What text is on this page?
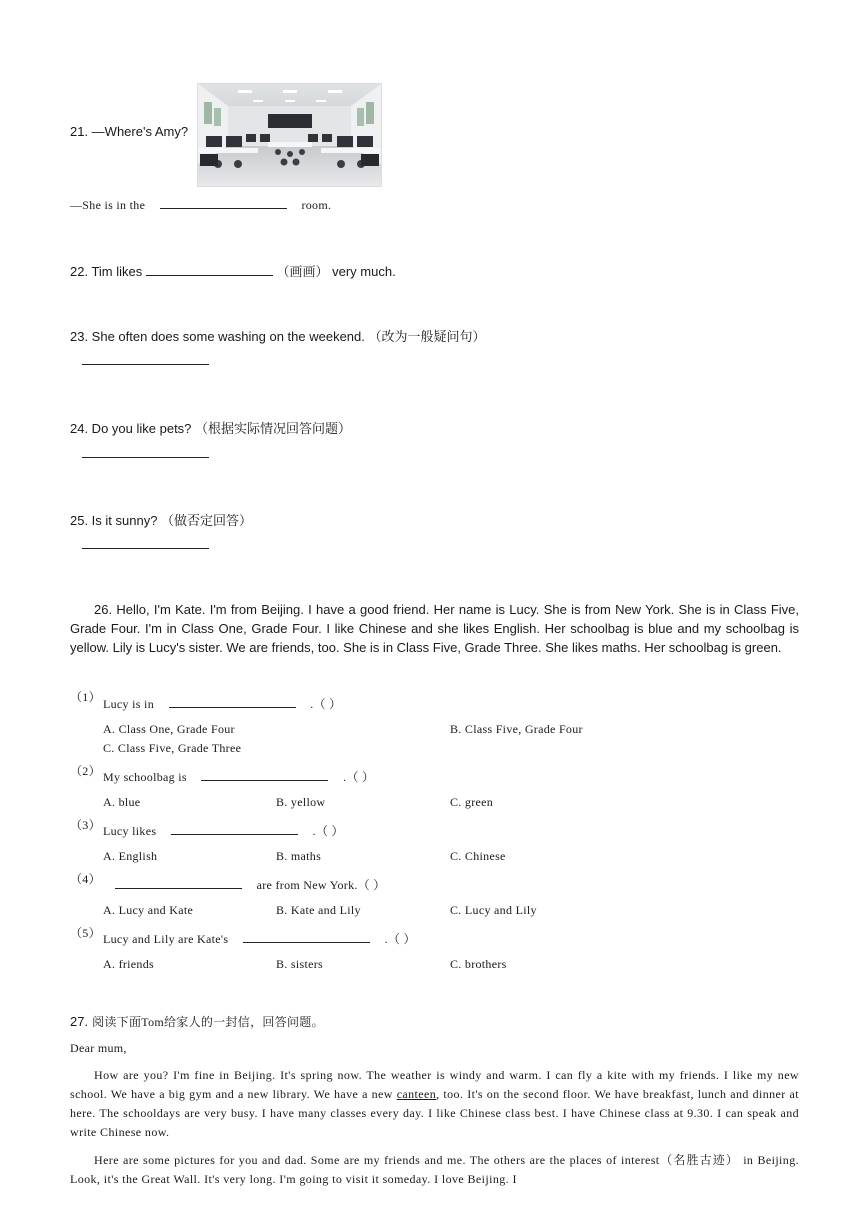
21. —Where's Amy?
—She is in the	room.
22. Tim likes	（画画） very much.
23. She often does some washing on the weekend. （改为一般疑问句）
24. Do you like pets? （根据实际情况回答问题）
25. Is it sunny? （做否定回答）
26. Hello, I'm Kate. I'm from Beijing. I have a good friend. Her name is Lucy. She is from New York. She is in Class Five, Grade Four. I'm in Class One, Grade Four. I like Chinese and she likes English. Her schoolbag is blue and my schoolbag is yellow. Lily is Lucy's sister. We are friends, too. She is in Class Five, Grade Three. She likes maths. Her schoolbag is green.
（1） Lucy is in	.（ ）
A. Class One, Grade Four	B. Class Five, Grade Four
C. Class Five, Grade Three
（2） My schoolbag is	.（ ）
A. blue	B. yellow	C. green
（3） Lucy likes	.（ ）
A. English	B. maths	C. Chinese
（4）	are from New York.（ ）
A. Lucy and Kate	B. Kate and Lily	C. Lucy and Lily
（5） Lucy and Lily are Kate's	.（ ）
A. friends	B. sisters	C. brothers
27. 阅读下面Tom给家人的一封信，回答问题。
Dear mum,
How are you? I'm fine in Beijing. It's spring now. The weather is windy and warm. I can fly a kite with my friends. I like my new school. We have a big gym and a new library. We have a new canteen, too. It's on the second floor. We have breakfast, lunch and dinner at here. The schooldays are very busy. I have many classes every day. I like Chinese class best. I have Chinese class at 9.30. I can speak and write Chinese now.
Here are some pictures for you and dad. Some are my friends and me. The others are the places of interest（名胜古迹） in Beijing. Look, it's the Great Wall. It's very long. I'm going to visit it someday. I love Beijing. I
